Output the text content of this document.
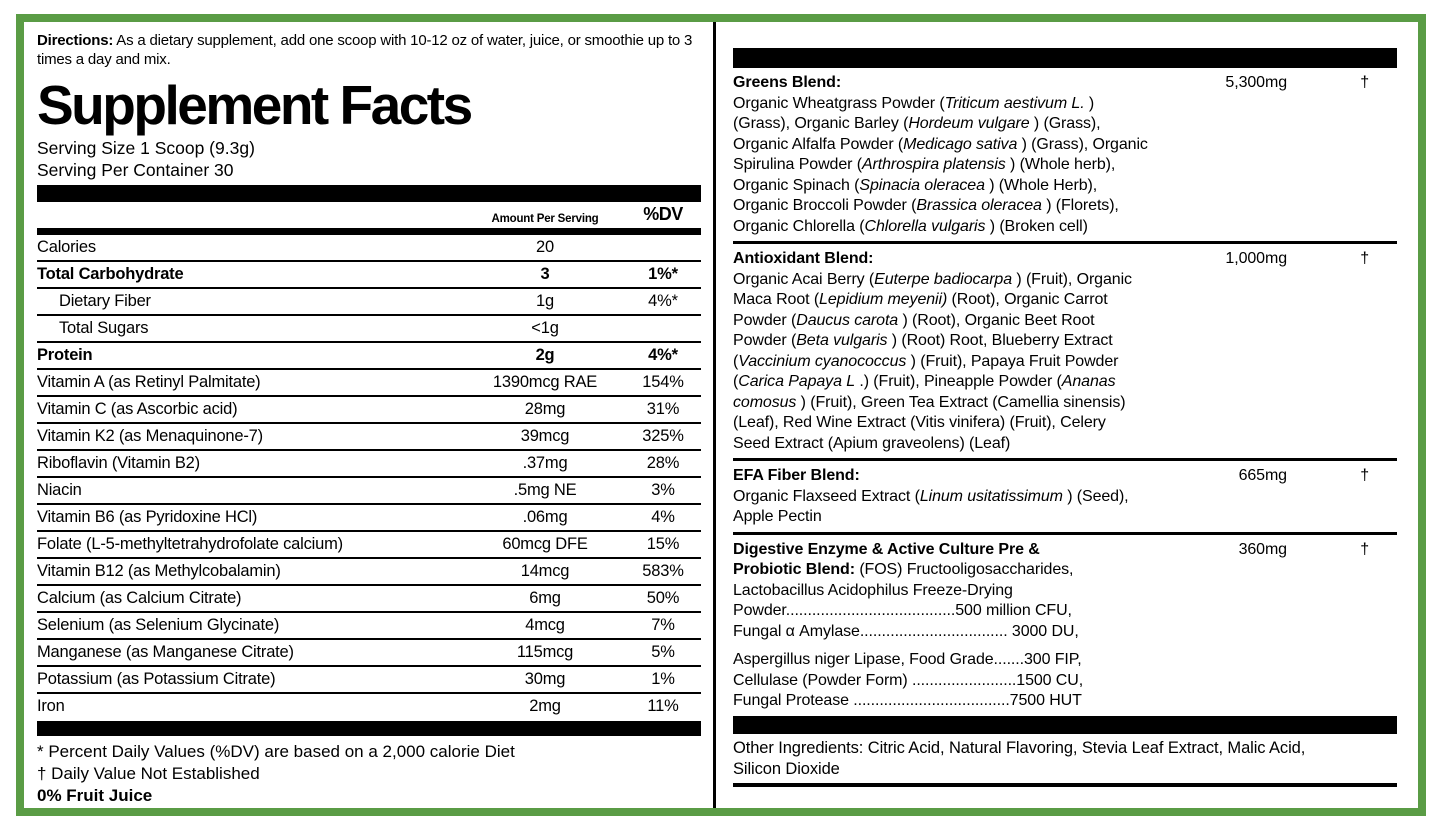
Directions: As a dietary supplement, add one scoop with 10-12 oz of water, juice, or smoothie up to 3 times a day and mix.
Supplement Facts
Serving Size 1 Scoop (9.3g)
Serving Per Container 30
Amount Per Serving	%DV
Calories	20
Total Carbohydrate	3	1%*
Dietary Fiber	1g	4%*
Total Sugars	<1g
Protein	2g	4%*
Vitamin A (as Retinyl Palmitate)	1390mcg RAE	154%
Vitamin C (as Ascorbic acid)	28mg	31%
Vitamin K2 (as Menaquinone-7)	39mcg	325%
Riboflavin (Vitamin B2)	.37mg	28%
Niacin	.5mg NE	3%
Vitamin B6 (as Pyridoxine HCl)	.06mg	4%
Folate (L-5-methyltetrahydrofolate calcium)	60mcg DFE	15%
Vitamin B12 (as Methylcobalamin)	14mcg	583%
Calcium (as Calcium Citrate)	6mg	50%
Selenium (as Selenium Glycinate)	4mcg	7%
Manganese (as Manganese Citrate)	115mcg	5%
Potassium (as Potassium Citrate)	30mg	1%
Iron	2mg	11%
* Percent Daily Values (%DV) are based on a 2,000 calorie Diet
† Daily Value Not Established
0% Fruit Juice
Greens Blend:
Organic Wheatgrass Powder (Triticum aestivum L. )
(Grass), Organic Barley (Hordeum vulgare ) (Grass),
Organic Alfalfa Powder (Medicago sativa ) (Grass), Organic
Spirulina Powder (Arthrospira platensis ) (Whole herb),
Organic Spinach (Spinacia oleracea ) (Whole Herb),
Organic Broccoli Powder (Brassica oleracea ) (Florets),
Organic Chlorella (Chlorella vulgaris ) (Broken cell)
5,300mg	†
Antioxidant Blend:
Organic Acai Berry (Euterpe badiocarpa ) (Fruit), Organic
Maca Root (Lepidium meyenii) (Root), Organic Carrot
Powder (Daucus carota ) (Root), Organic Beet Root
Powder (Beta vulgaris ) (Root) Root, Blueberry Extract
(Vaccinium cyanococcus ) (Fruit), Papaya Fruit Powder
(Carica Papaya L .) (Fruit), Pineapple Powder (Ananas
comosus ) (Fruit), Green Tea Extract (Camellia sinensis)
(Leaf), Red Wine Extract (Vitis vinifera) (Fruit), Celery
Seed Extract (Apium graveolens) (Leaf)
1,000mg	†
EFA Fiber Blend:
Organic Flaxseed Extract (Linum usitatissimum ) (Seed),
Apple Pectin
665mg	†
Digestive Enzyme & Active Culture Pre &
Probiotic Blend: (FOS) Fructooligosaccharides,
Lactobacillus Acidophilus Freeze-Drying
Powder.......................................500 million CFU,
Fungal α Amylase.................................. 3000 DU,
Aspergillus niger Lipase, Food Grade.......300 FIP,
Cellulase (Powder Form) ........................1500 CU,
Fungal Protease ....................................7500 HUT
360mg	†
Other Ingredients: Citric Acid, Natural Flavoring, Stevia Leaf Extract, Malic Acid,
Silicon Dioxide
